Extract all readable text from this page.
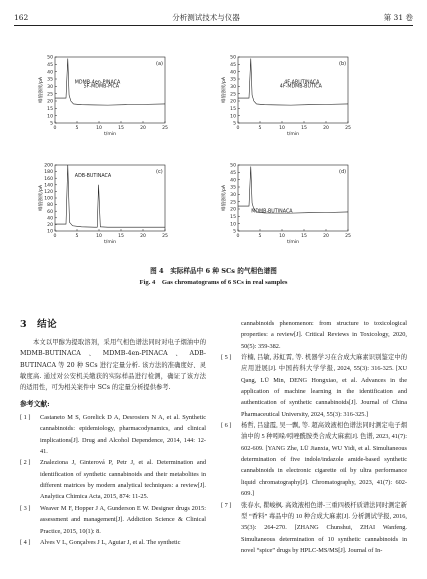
162	分析测试技术与仪器	第 31 卷
5
10
15
20
25
30
35
40
45
50
0	5	10	15	20	25
t/min
峰值强度/pA
(a)
MDMB-4en-PINACA
5F-MDMB-PICA
5
10
15
20
25
30
35
40
45
50
0	5	10	15	20	25
t/min
峰值强度/pA
(b)
4F-ABUTINACA
4F-MDMB-BUTICA
10
20
40
60
80
100
120
140
160
180
200
0	5	10	15	20	25
t/min
峰值强度/pA
(c)
ADB-BUTINACA
5
10
15
20
25
30
35
40
45
50
0	5	10	15	20	25
t/min
峰值强度/pA
(d)
MDMB-BUTINACA
图 4　实际样品中 6 种 SCs 的气相色谱图
Fig. 4　Gas chromatograms of 6 SCs in real samples
3　结论
本文以甲醇为提取溶剂，采用气相色谱法同时对电子烟油中的 MDMB-BUTINACA、MDMB-4en-PINACA、ADB-BUTINACA 等 20 种 SCs 进行定量分析. 该方法的准确度好、灵敏度高. 通过对公安机关缴获的实际样品进行检测，确证了该方法的适用性，可为相关案件中 SCs 的定量分析提供参考.
参考文献:
[ 1 ]	Castaneto M S, Gorelick D A, Desrosiers N A, et al. Synthetic cannabinoids: epidemiology, pharmacodynamics, and clinical implications[J]. Drug and Alcohol Dependence, 2014, 144: 12-41.
[ 2 ]	Znaleziona J, Ginterová P, Petr J, et al. Determination and identification of synthetic cannabinoids and their metabolites in different matrices by modern analytical techniques: a review[J]. Analytica Chimica Acta, 2015, 874: 11-25.
[ 3 ]	Weaver M F, Hopper J A, Gunderson E W. Designer drugs 2015: assessment and management[J]. Addiction Science & Clinical Practice, 2015, 10(1): 8.
[ 4 ]	Alves V L, Gonçalves J L, Aguiar J, et al. The synthetic
cannabinoids phenomenon: from structure to toxicological properties: a review[J]. Critical Reviews in Toxicology, 2020, 50(5): 359-382.
[ 5 ]	许楠, 吕敏, 苏虹霄, 等. 机器学习在合成大麻素识别鉴定中的应用进展[J]. 中国药科大学学报, 2024, 55(3): 316-325. [XU Qang, LÜ Min, DENG Hongxiao, et al. Advances in the application of machine learning in the identification and authentication of synthetic cannabinoids[J]. Journal of China Pharmaceutical University, 2024, 55(3): 316-325.]
[ 6 ]	杨哲, 吕建霞, 吴一飘, 等. 超高效液相色谱法同时测定电子烟油中的 5 种吲哚/吲唑酰胺类合成大麻素[J]. 色谱, 2023, 41(7): 602-609. [YANG Zhe, LÜ Jianxia, WU Yidi, et al. Simultaneous determination of five indole/indazole amide-based synthetic cannabinoids in electronic cigarette oil by ultra performance liquid chromatography[J]. Chromatography, 2023, 41(7): 602-609.]
[ 7 ]	张春水, 瞿峻枫. 高效液相色谱-三重四极杆质谱法同时测定新型 “香料” 毒品中的 10 种合成大麻素[J]. 分析测试学报, 2016, 35(3): 264-270. [ZHANG Chunshui, ZHAI Wanfeng. Simultaneous determination of 10 synthetic cannabinoids in novel “spice” drugs by HPLC-MS/MS[J]. Journal of In-
